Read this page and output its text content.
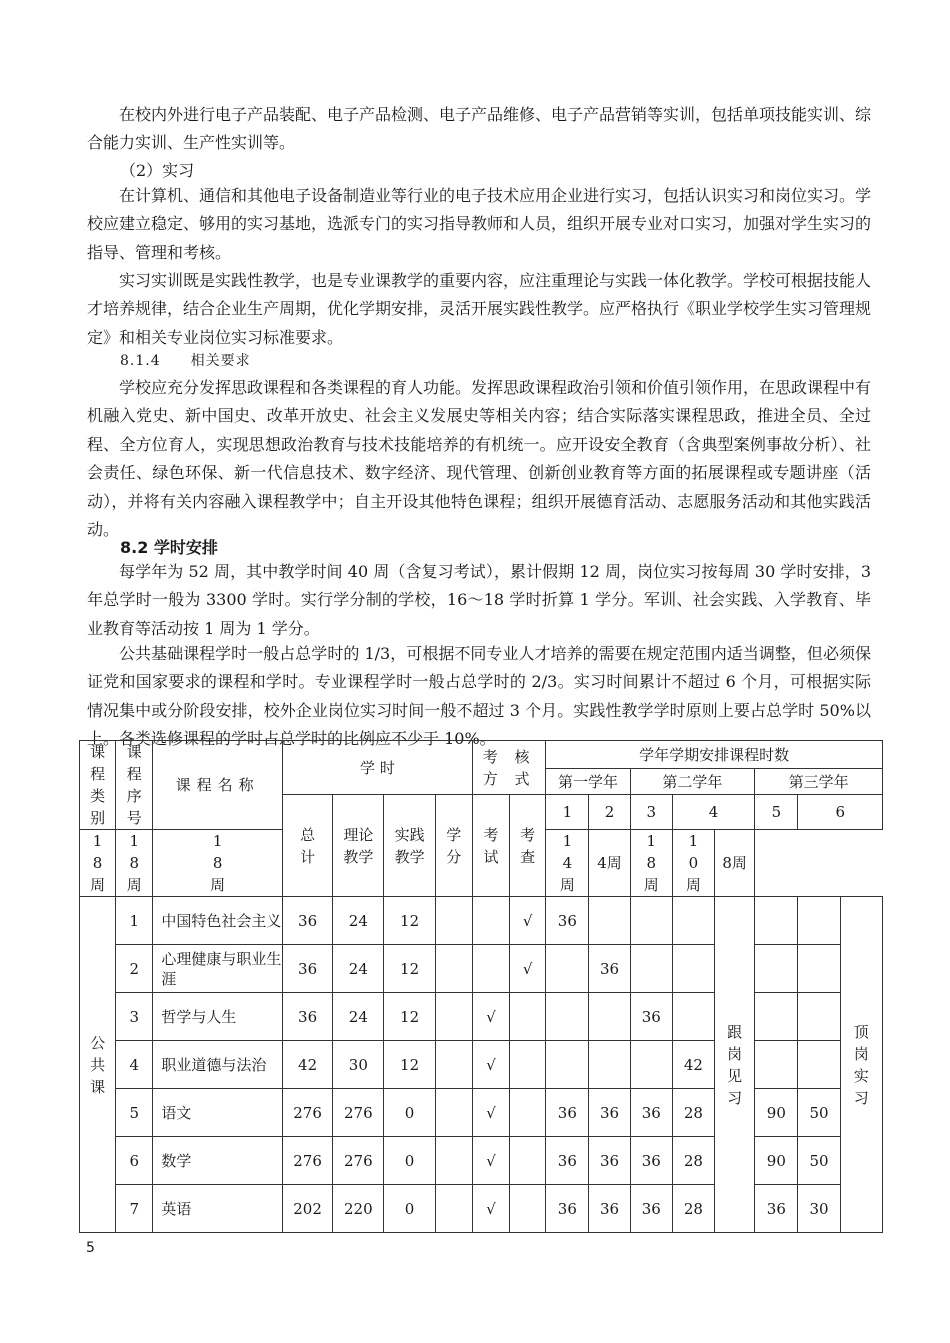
在校内外进行电子产品装配、电子产品检测、电子产品维修、电子产品营销等实训，包括单项技能实训、综合能力实训、生产性实训等。

（2）实习

在计算机、通信和其他电子设备制造业等行业的电子技术应用企业进行实习，包括认识实习和岗位实习。学校应建立稳定、够用的实习基地，选派专门的实习指导教师和人员，组织开展专业对口实习，加强对学生实习的指导、管理和考核。

实习实训既是实践性教学，也是专业课教学的重要内容，应注重理论与实践一体化教学。学校可根据技能人才培养规律，结合企业生产周期，优化学期安排，灵活开展实践性教学。应严格执行《职业学校学生实习管理规定》和相关专业岗位实习标准要求。

8.1.4　　相关要求

学校应充分发挥思政课程和各类课程的育人功能。发挥思政课程政治引领和价值引领作用，在思政课程中有机融入党史、新中国史、改革开放史、社会主义发展史等相关内容；结合实际落实课程思政，推进全员、全过程、全方位育人，实现思想政治教育与技术技能培养的有机统一。应开设安全教育（含典型案例事故分析）、社会责任、绿色环保、新一代信息技术、数字经济、现代管理、创新创业教育等方面的拓展课程或专题讲座（活动），并将有关内容融入课程教学中；自主开设其他特色课程；组织开展德育活动、志愿服务活动和其他实践活动。

8.2 学时安排

每学年为 52 周，其中教学时间 40 周（含复习考试），累计假期 12 周，岗位实习按每周 30 学时安排，3 年总学时一般为 3300 学时。实行学分制的学校，16～18 学时折算 1 学分。军训、社会实践、入学教育、毕业教育等活动按 1 周为 1 学分。

公共基础课程学时一般占总学时的 1/3，可根据不同专业人才培养的需要在规定范围内适当调整，但必须保证党和国家要求的课程和学时。专业课程学时一般占总学时的 2/3。实习时间累计不超过 6 个月，可根据实际情况集中或分阶段安排，校外企业岗位实习时间一般不超过 3 个月。实践性教学学时原则上要占总学时 50%以上。各类选修课程的学时占总学时的比例应不少于 10%。

课程类别	课程序号	课程名称	学 时				考 核 方 式		学年学期安排课程时数							
									第一学年		第二学年			第三学年		
			总计	理论教学	实践教学	学分	考试	考查	1	2	3	4		5	6	
18周	18周	18周							14周	4周	18周	10周	8周			
公共课	1	中国特色社会主义	36	24	12			√	36				跟岗见习			顶岗实习
	2	心理健康与职业生涯	36	24	12			√		36						
	3	哲学与人生	36	24	12		√				36					
	4	职业道德与法治	42	30	12		√					42				
	5	语文	276	276	0		√		36	36	36	28		90	50	
	6	数学	276	276	0		√		36	36	36	28		90	50	
	7	英语	202	220	0		√		36	36	36	28		36	30	
5
